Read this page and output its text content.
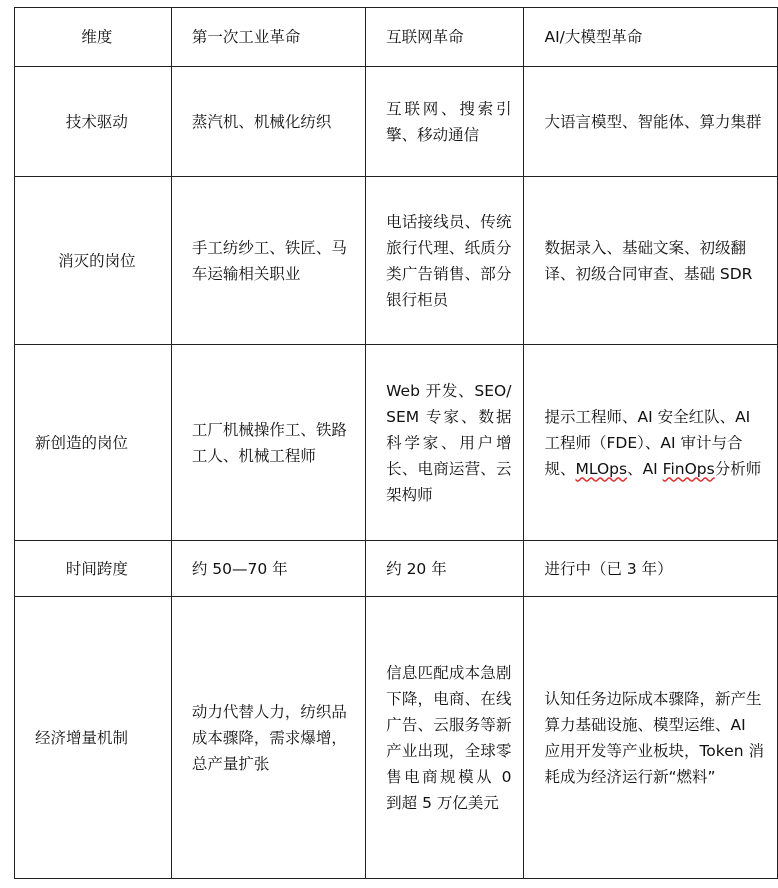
维度	第一次工业革命	互联网革命	AI/大模型革命
技术驱动	蒸汽机、机械化纺织	互联网、搜索引擎、移动通信	大语言模型、智能体、算力集群
消灭的岗位	手工纺纱工、铁匠、马车运输相关职业	电话接线员、传统旅行代理、纸质分类广告销售、部分银行柜员	数据录入、基础文案、初级翻译、初级合同审查、基础 SDR
新创造的岗位	工厂机械操作工、铁路工人、机械工程师	Web 开发、SEO/SEM 专家、数据科学家、用户增长、电商运营、云架构师	提示工程师、AI 安全红队、AI 工程师（FDE）、AI 审计与合规、MLOps、AI FinOps分析师
时间跨度	约 50—70 年	约 20 年	进行中（已 3 年）
经济增量机制	动力代替人力，纺织品成本骤降，需求爆增，总产量扩张	信息匹配成本急剧下降，电商、在线广告、云服务等新产业出现，全球零售电商规模从 0 到超 5 万亿美元	认知任务边际成本骤降，新产生算力基础设施、模型运维、AI 应用开发等产业板块，Token 消耗成为经济运行新“燃料”
